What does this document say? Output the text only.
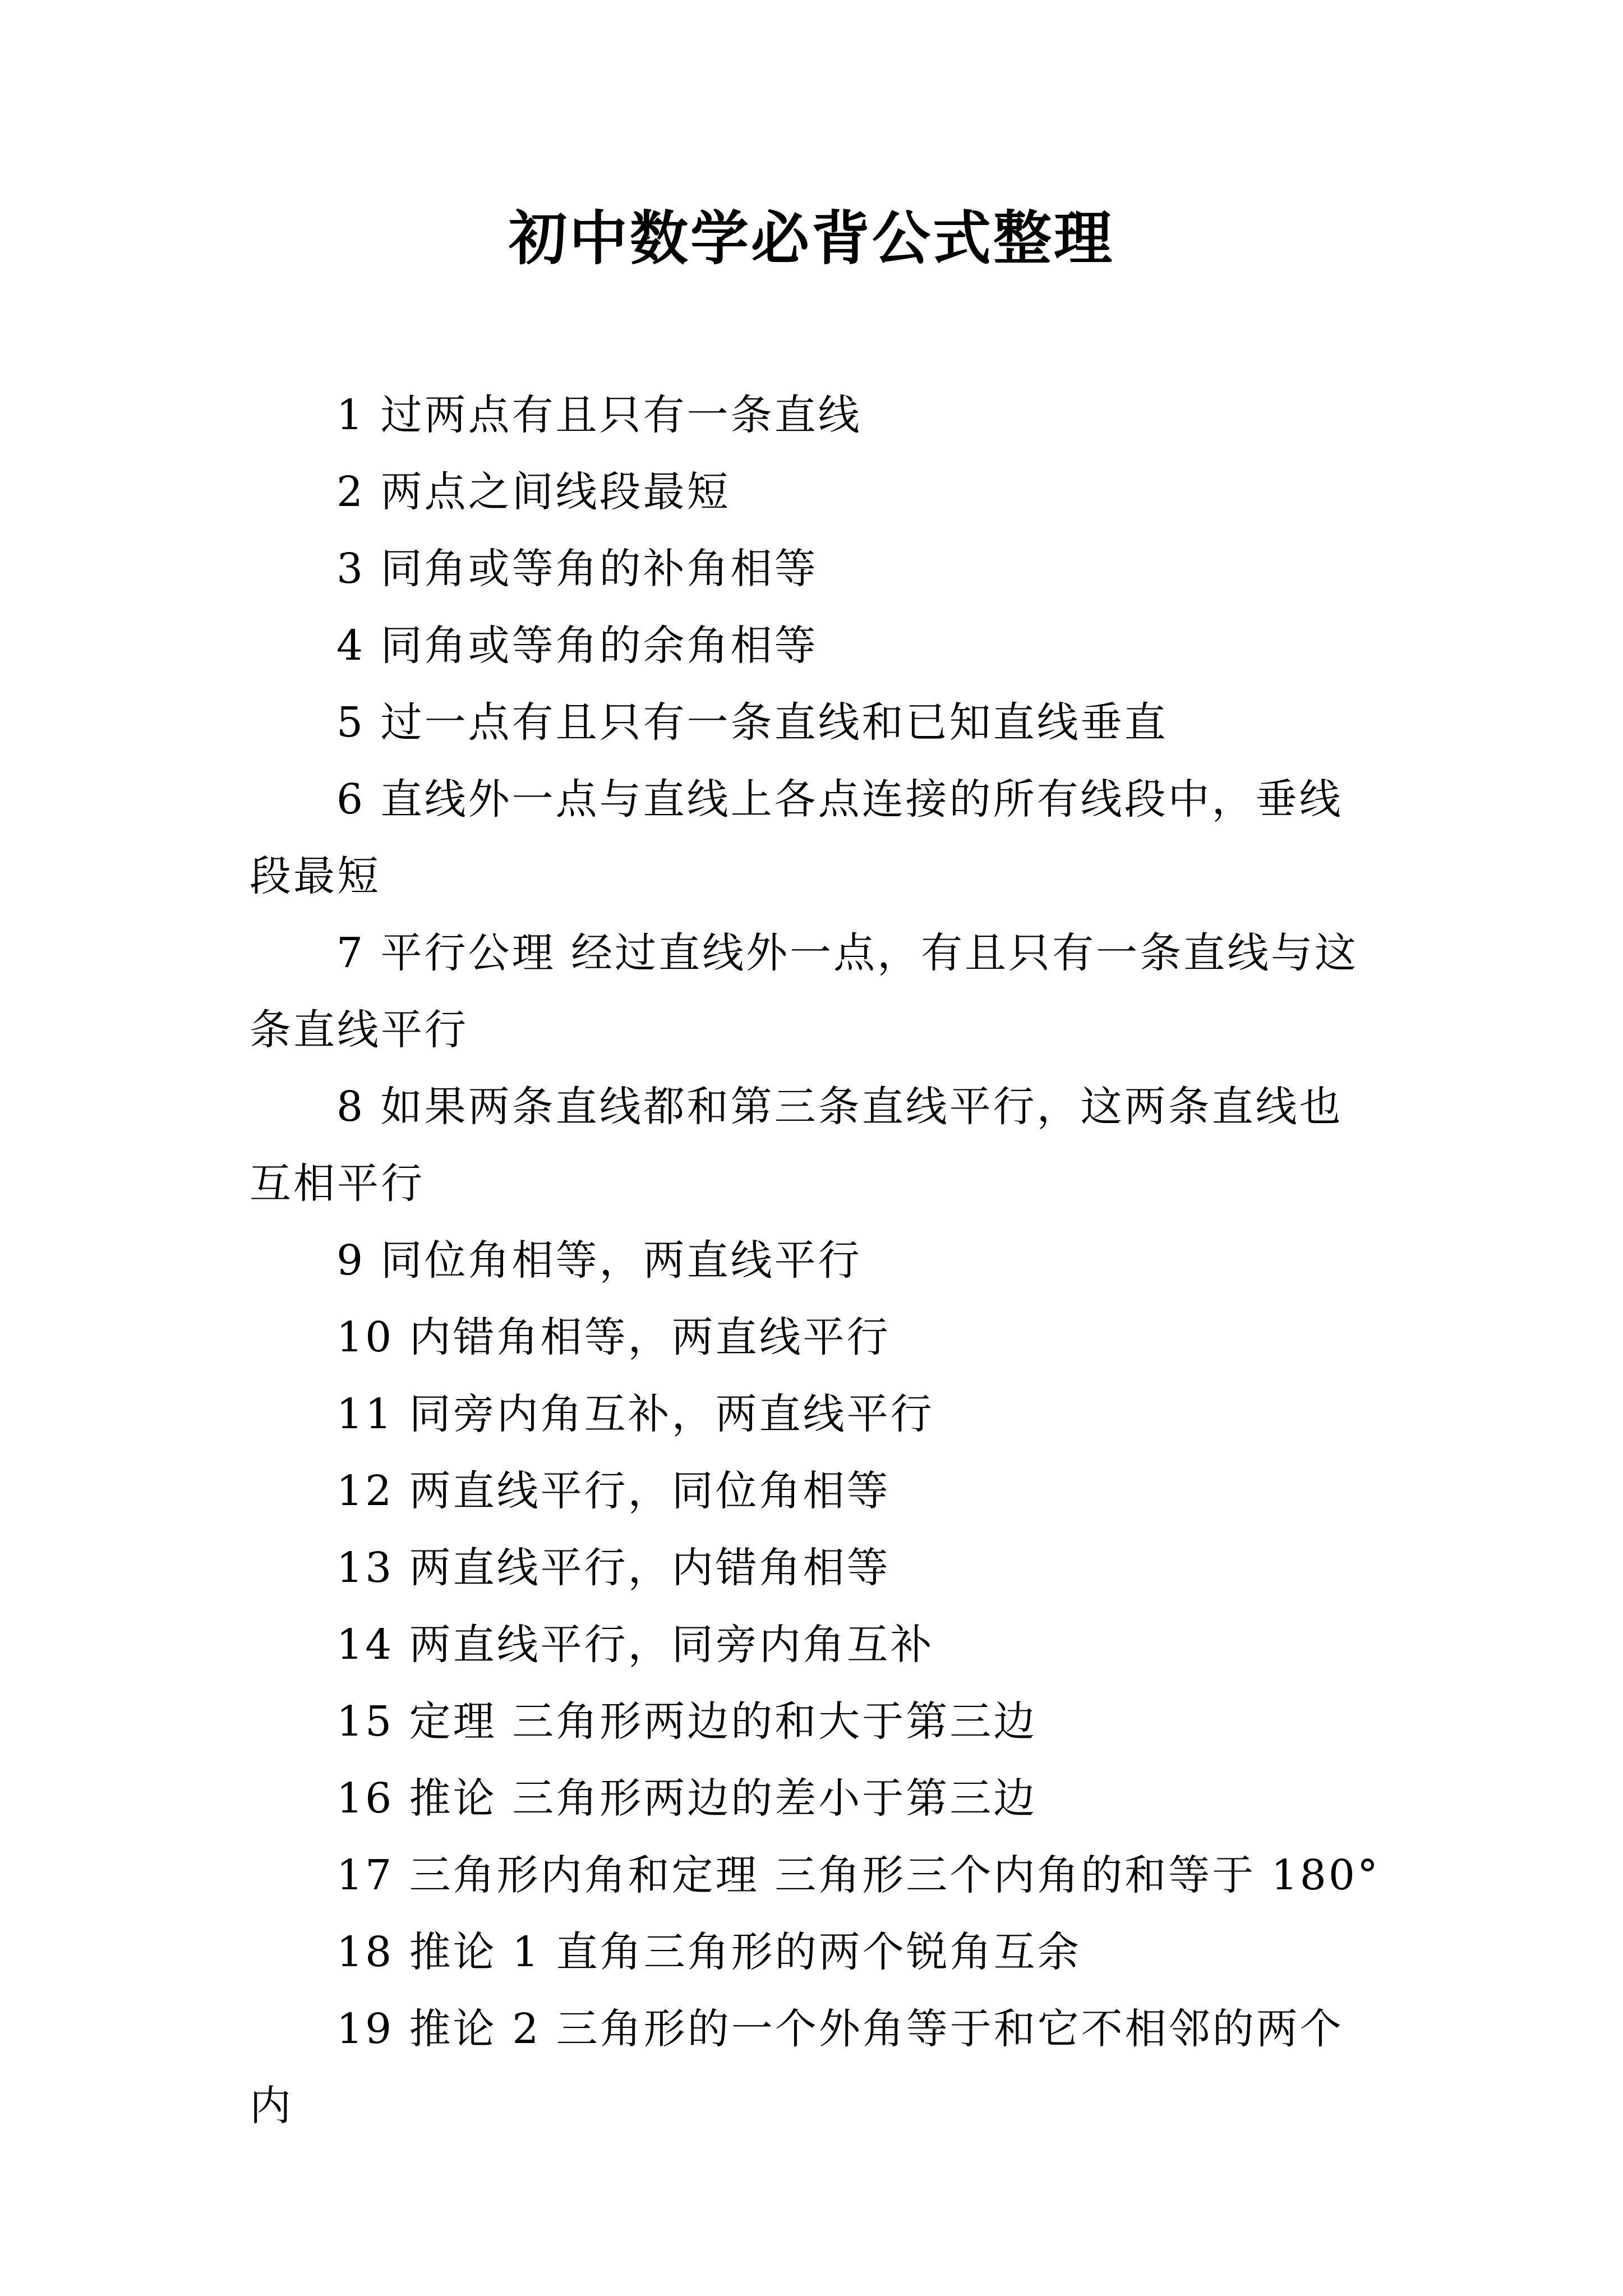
初中数学必背公式整理

1 过两点有且只有一条直线

2 两点之间线段最短

3 同角或等角的补角相等

4 同角或等角的余角相等

5 过一点有且只有一条直线和已知直线垂直

6 直线外一点与直线上各点连接的所有线段中，垂线段最短

7 平行公理 经过直线外一点，有且只有一条直线与这条直线平行

8 如果两条直线都和第三条直线平行，这两条直线也互相平行

9 同位角相等，两直线平行

10 内错角相等，两直线平行

11 同旁内角互补，两直线平行

12 两直线平行，同位角相等

13 两直线平行，内错角相等

14 两直线平行，同旁内角互补

15 定理 三角形两边的和大于第三边

16 推论 三角形两边的差小于第三边

17 三角形内角和定理 三角形三个内角的和等于 180°

18 推论 1 直角三角形的两个锐角互余

19 推论 2 三角形的一个外角等于和它不相邻的两个内
